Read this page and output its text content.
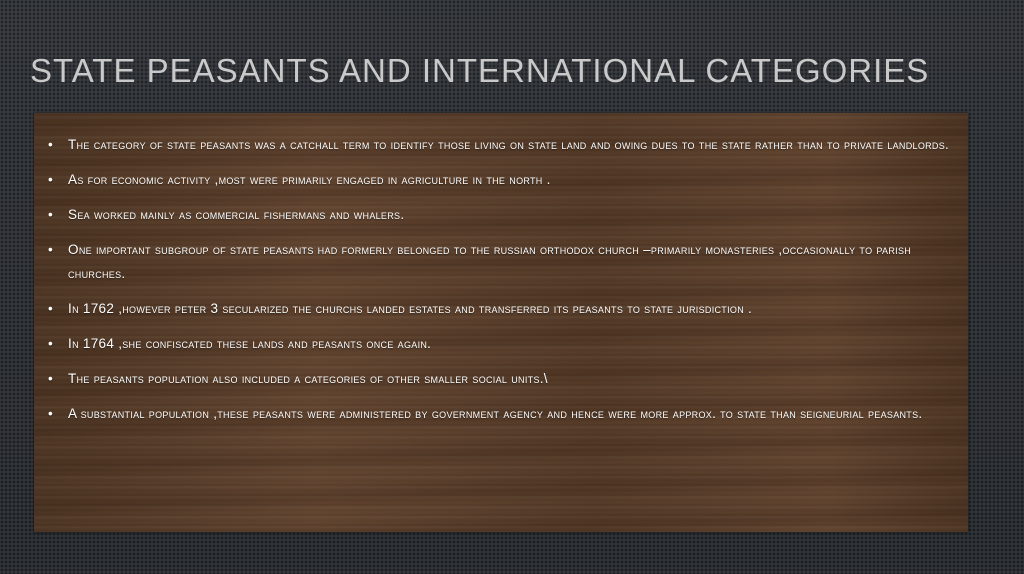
STATE PEASANTS AND INTERNATIONAL CATEGORIES
• the category of state peasants was a catchall term to identify those living on state land and owing dues to the state rather than to private landlords.
• as for economic activity ,most were primarily engaged in agriculture in the north .
• sea worked mainly as commercial fishermans and whalers.
• one important subgroup of state peasants had formerly belonged to the russian orthodox church –primarily monasteries ,occasionally to parish churches.
• in 1762 ,however peter 3 secularized the churchs landed estates and transferred its peasants to state jurisdiction .
• in 1764 ,she confiscated these lands and peasants once again.
• the peasants population also included a categories of other smaller social units.\
• a substantial population ,these peasants were administered by government agency and hence were more approx. to state than seigneurial peasants.
